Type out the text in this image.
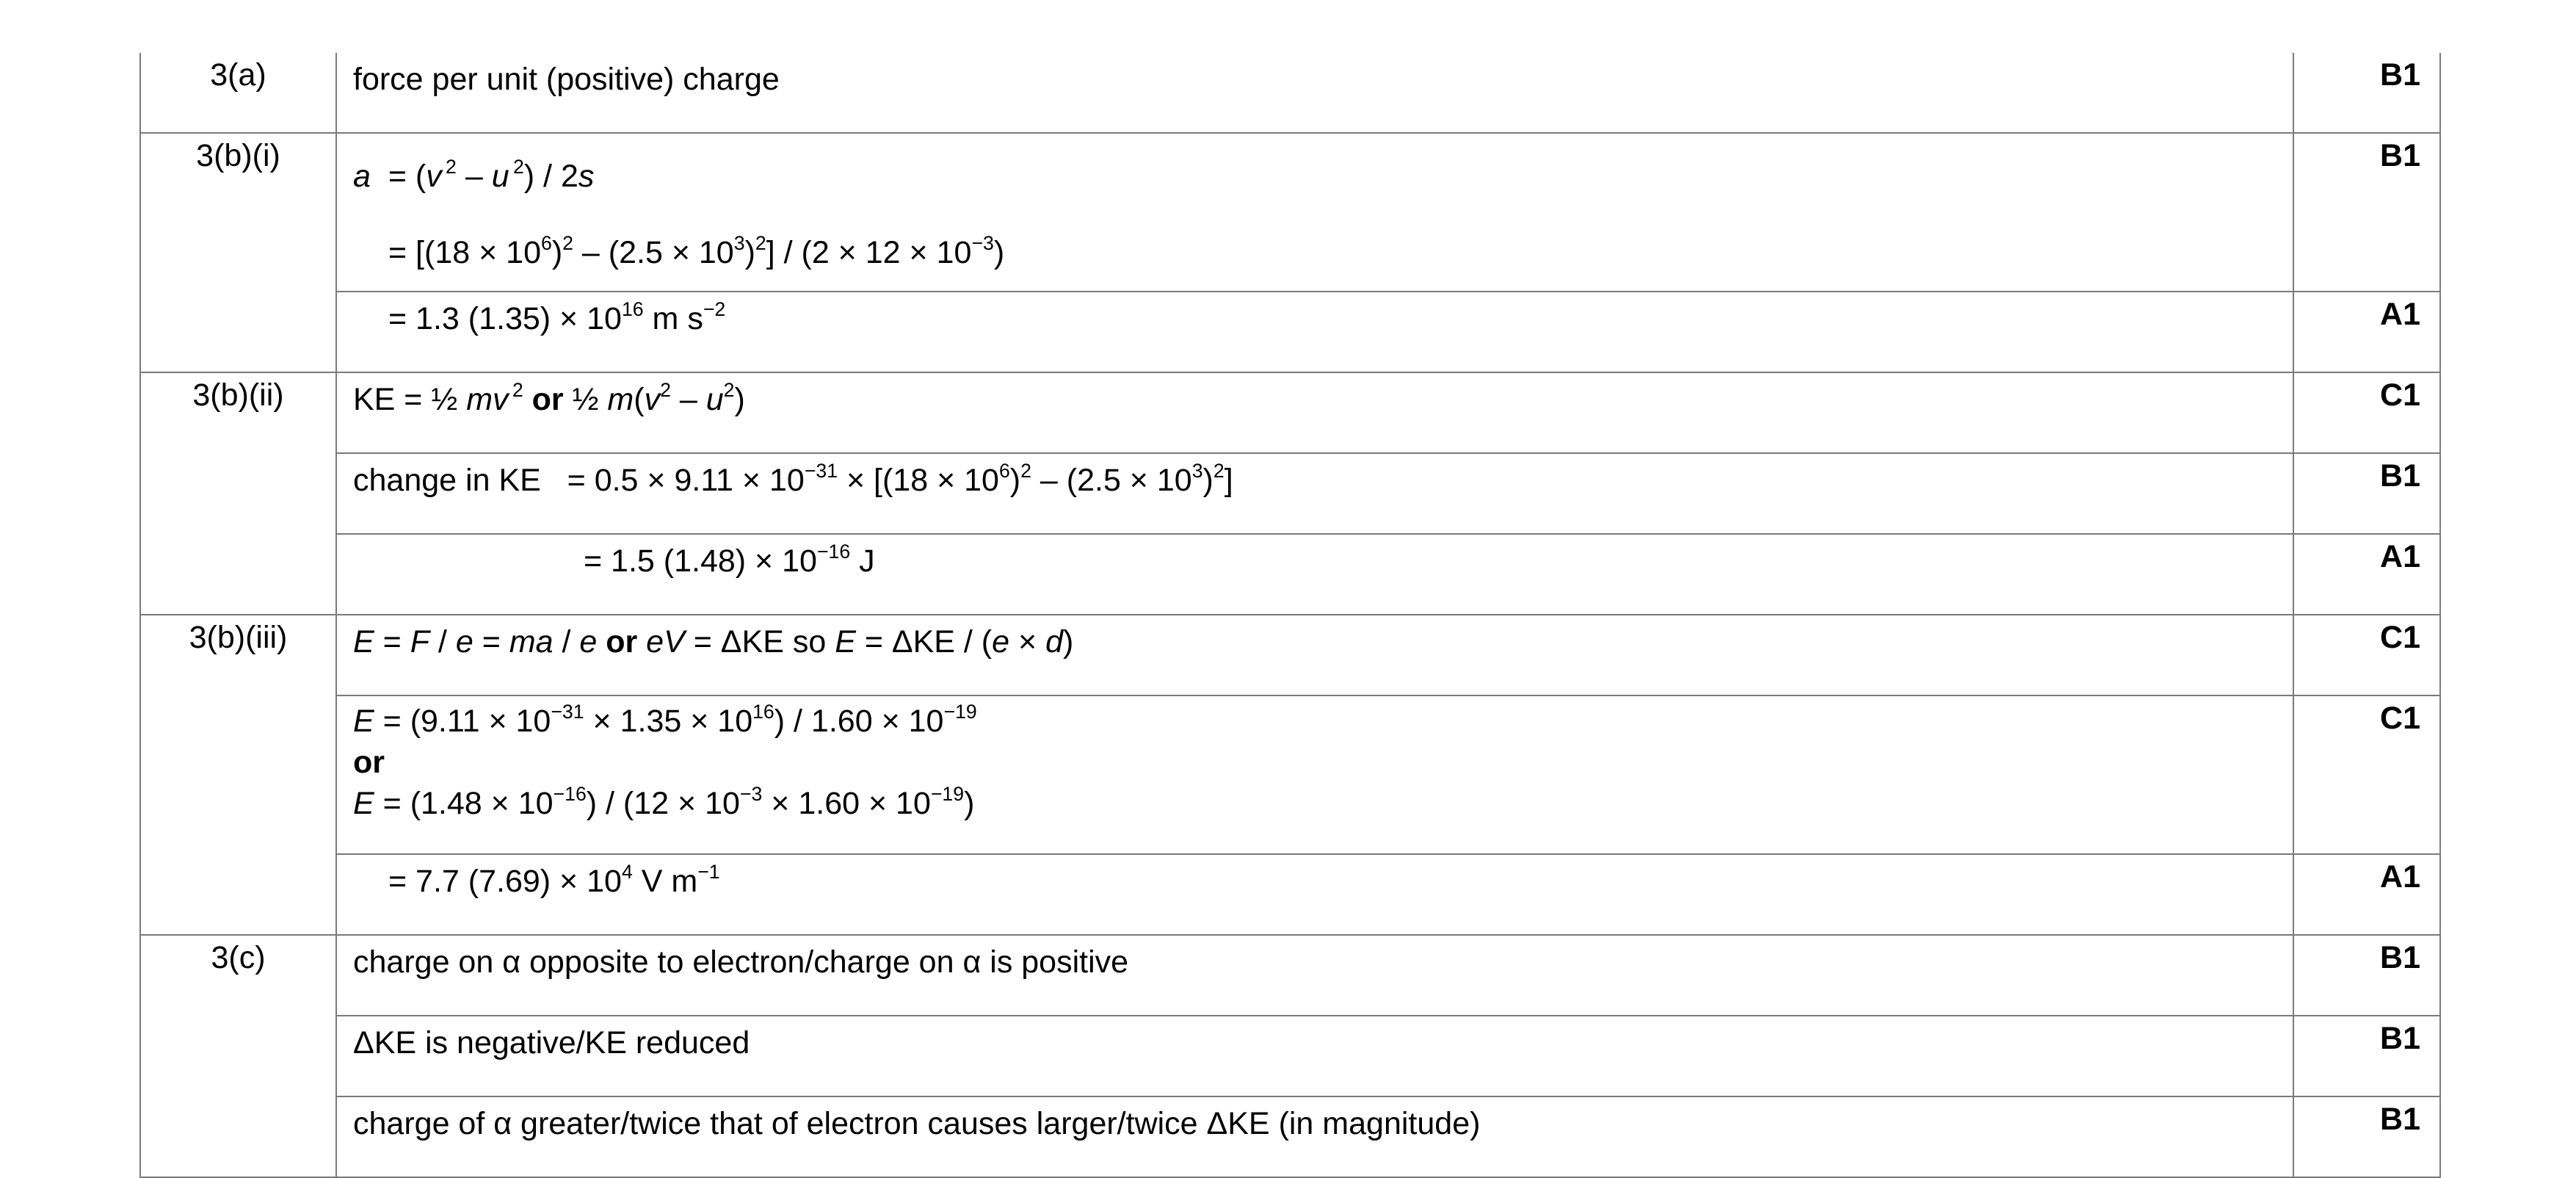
3(a)	force per unit (positive) charge	B1
3(b)(i)	a  = (v $^2$ – u $^2$) / 2s
= $[(18 \times 10^6)^2 - (2.5 \times 10^3)^2] / (2 \times 12 \times 10^{-3})$	B1

	= 1.3 $(1.35) \times 10^{16}$ m $s^{-2}$	A1
3(b)(ii)	KE = ½ mv $^2$ or ½ $m(v^2 - u^2)$	C1

	change in KE   = $0.5 \times 9.11 \times 10^{-31} \times [(18 \times 10^6)^2 - (2.5 \times 10^3)^2]$	B1

	= 1.5 $(1.48) \times 10^{-16}$ J	A1
3(b)(iii)	E = F / e = ma / e or eV = ΔKE so E = ΔKE / (e × d)	C1

	$E = (9.11 \times 10^{-31} \times 1.35 \times 10^{16}) / 1.60 \times 10^{-19}$
or
$E = (1.48 \times 10^{-16}) / (12 \times 10^{-3} \times 1.60 \times 10^{-19})$	C1

	= 7.7 $(7.69) \times 10^4$ V $m^{-1}$	A1
3(c)	charge on α opposite to electron/charge on α is positive	B1

	ΔKE is negative/KE reduced	B1

	charge of α greater/twice that of electron causes larger/twice ΔKE (in magnitude)	B1
